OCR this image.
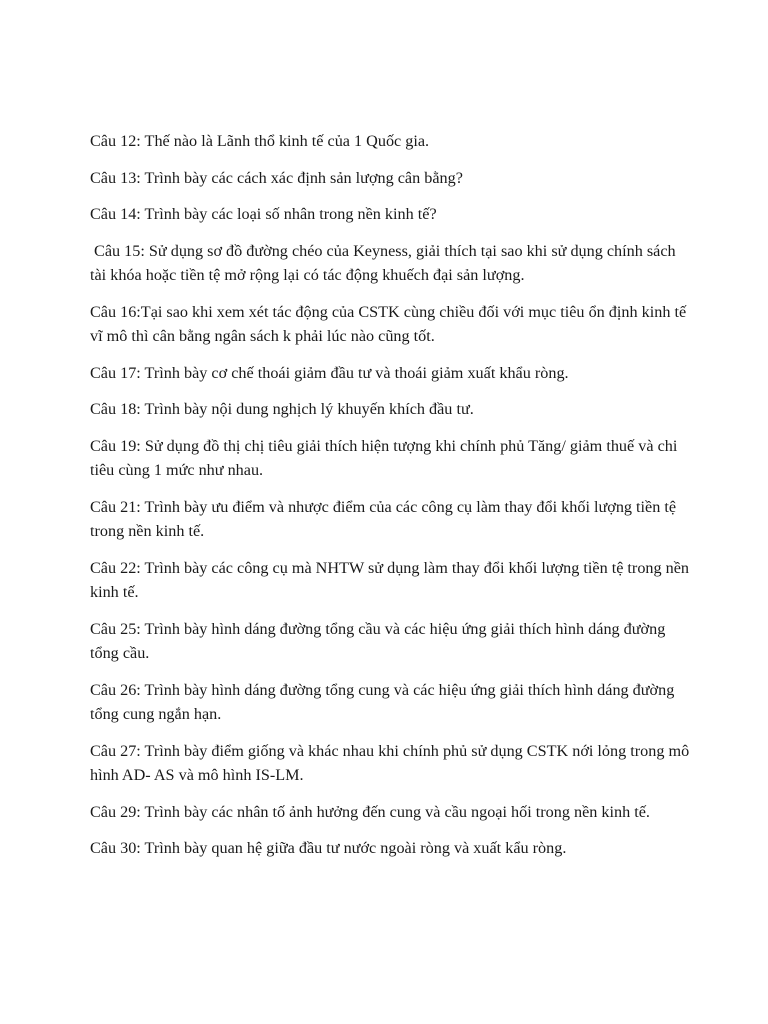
Câu 12: Thế nào là Lãnh thổ kinh tế của 1 Quốc gia.

Câu 13: Trình bày các cách xác định sản lượng cân bằng?

Câu 14: Trình bày các loại số nhân trong nền kinh tế?

Câu 15: Sử dụng sơ đồ đường chéo của Keyness, giải thích tại sao khi sử dụng chính sách tài khóa hoặc tiền tệ mở rộng lại có tác động khuếch đại sản lượng.

Câu 16:Tại sao khi xem xét tác động của CSTK cùng chiều đối với mục tiêu ổn định kinh tế vĩ mô thì cân bằng ngân sách k phải lúc nào cũng tốt.

Câu 17: Trình bày cơ chế thoái giảm đầu tư và thoái giảm xuất khẩu ròng.

Câu 18: Trình bày nội dung nghịch lý khuyến khích đầu tư.

Câu 19: Sử dụng đồ thị chị tiêu giải thích hiện tượng khi chính phủ Tăng/ giảm thuế và chi tiêu cùng 1 mức như nhau.

Câu 21: Trình bày ưu điểm và nhược điểm của các công cụ làm thay đổi khối lượng tiền tệ trong nền kinh tế.

Câu 22: Trình bày các công cụ mà NHTW sử dụng làm thay đổi khối lượng tiền tệ trong nền kinh tế.

Câu 25: Trình bày hình dáng đường tổng cầu và các hiệu ứng giải thích hình dáng đường tổng cầu.

Câu 26: Trình bày hình dáng đường tổng cung và các hiệu ứng giải thích hình dáng đường tổng cung ngắn hạn.

Câu 27: Trình bày điểm giống và khác nhau khi chính phủ sử dụng CSTK nới lỏng trong mô hình AD- AS và mô hình IS-LM.

Câu 29: Trình bày các nhân tố ảnh hưởng đến cung và cầu ngoại hối trong nền kinh tế.

Câu 30: Trình bày quan hệ giữa đầu tư nước ngoài ròng và xuất kẩu ròng.
